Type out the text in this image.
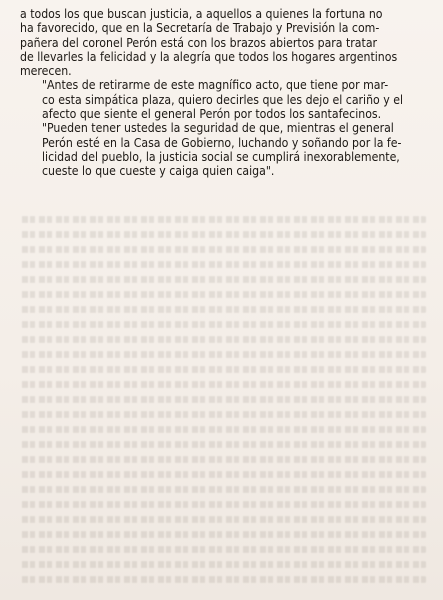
a todos los que buscan justicia, a aquellos a quienes la fortuna no
ha favorecido, que en la Secretaría de Trabajo y Previsión la com-
pañera del coronel Perón está con los brazos abiertos para tratar
de llevarles la felicidad y la alegría que todos los hogares argentinos
merecen.

"Antes de retirarme de este magnífico acto, que tiene por mar-
co esta simpática plaza, quiero decirles que les dejo el cariño y el
afecto que siente el general Perón por todos los santafecinos.

"Pueden tener ustedes la seguridad de que, mientras el general
Perón esté en la Casa de Gobierno, luchando y soñando por la fe-
licidad del pueblo, la justicia social se cumplirá inexorablemente,
cueste lo que cueste y caiga quien caiga".
